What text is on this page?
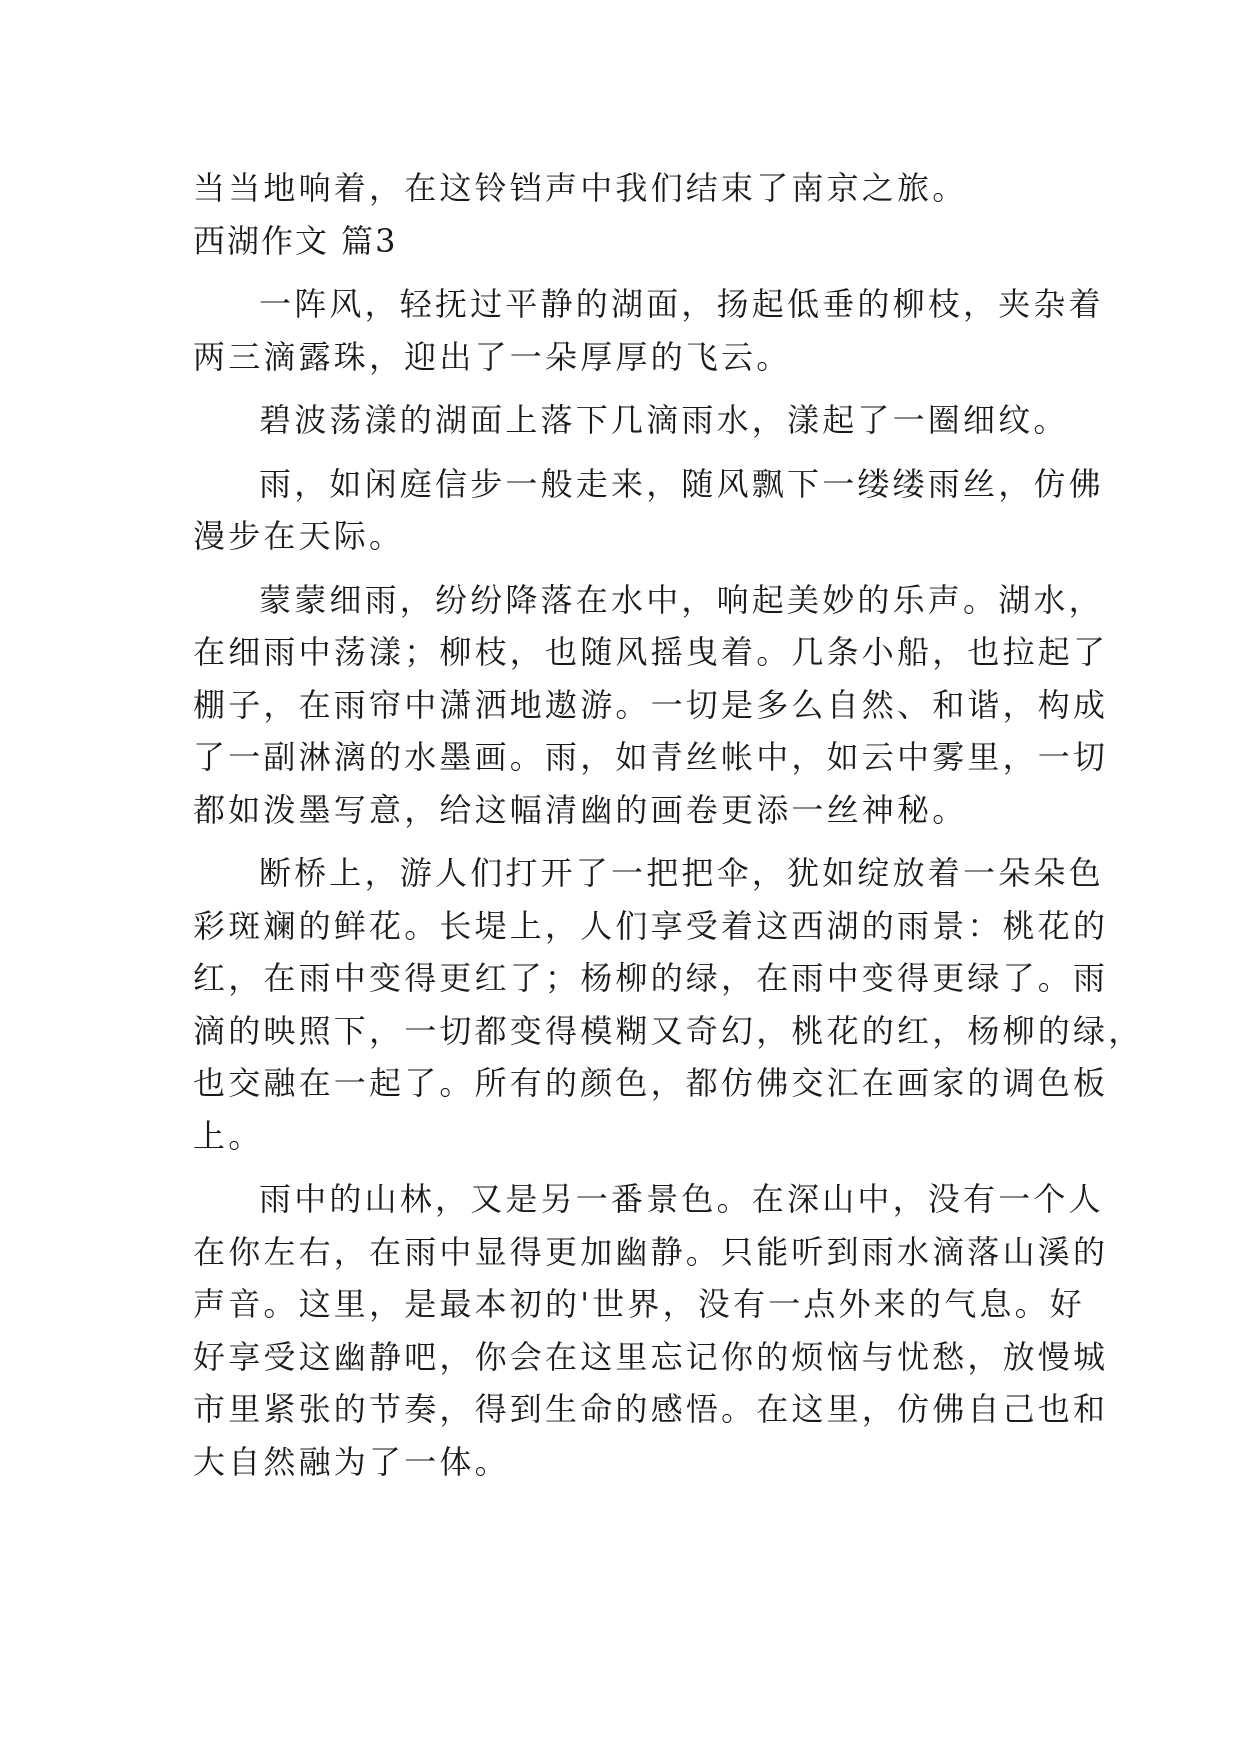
当当地响着，在这铃铛声中我们结束了南京之旅。
西湖作文 篇3
一阵风，轻抚过平静的湖面，扬起低垂的柳枝，夹杂着
两三滴露珠，迎出了一朵厚厚的飞云。
碧波荡漾的湖面上落下几滴雨水，漾起了一圈细纹。
雨，如闲庭信步一般走来，随风飘下一缕缕雨丝，仿佛
漫步在天际。
蒙蒙细雨，纷纷降落在水中，响起美妙的乐声。湖水，
在细雨中荡漾；柳枝，也随风摇曳着。几条小船，也拉起了
棚子，在雨帘中潇洒地遨游。一切是多么自然、和谐，构成
了一副淋漓的水墨画。雨，如青丝帐中，如云中雾里，一切
都如泼墨写意，给这幅清幽的画卷更添一丝神秘。
断桥上，游人们打开了一把把伞，犹如绽放着一朵朵色
彩斑斓的鲜花。长堤上，人们享受着这西湖的雨景：桃花的
红，在雨中变得更红了；杨柳的绿，在雨中变得更绿了。雨
滴的映照下，一切都变得模糊又奇幻，桃花的红，杨柳的绿，
也交融在一起了。所有的颜色，都仿佛交汇在画家的调色板
上。
雨中的山林，又是另一番景色。在深山中，没有一个人
在你左右，在雨中显得更加幽静。只能听到雨水滴落山溪的
声音。这里，是最本初的'世界，没有一点外来的气息。好
好享受这幽静吧，你会在这里忘记你的烦恼与忧愁，放慢城
市里紧张的节奏，得到生命的感悟。在这里，仿佛自己也和
大自然融为了一体。
